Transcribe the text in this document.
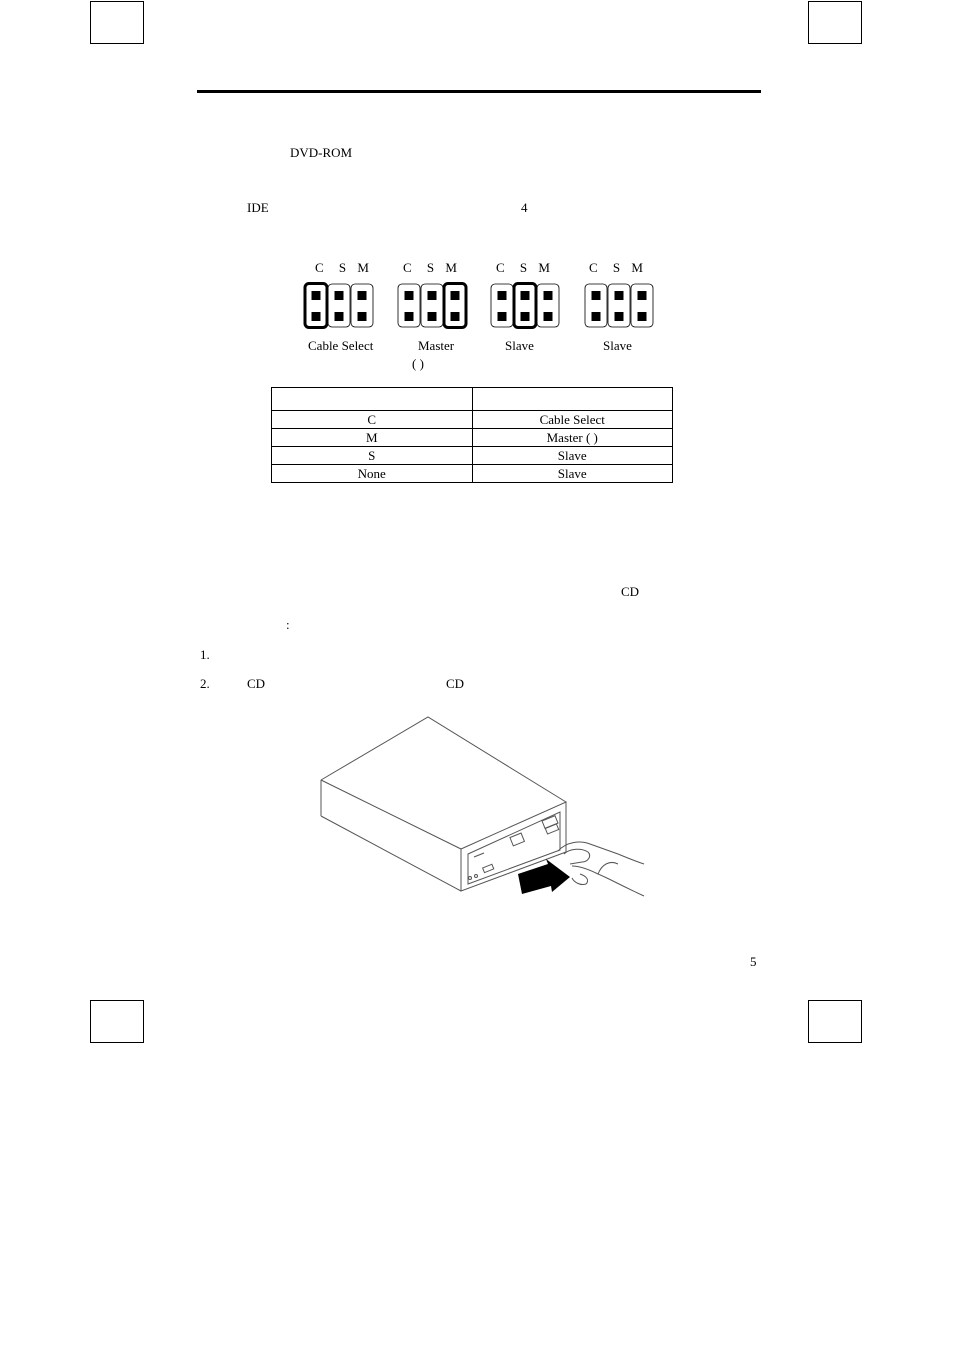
DVD-ROM
IDE	4
C S M	C S M	C S M	C S M
Cable Select	Master
( )
Slave	Slave

C	Cable Select
M	Master ( )
S	Slave
None	Slave
CD
:
1.
2.	CD	CD
5
